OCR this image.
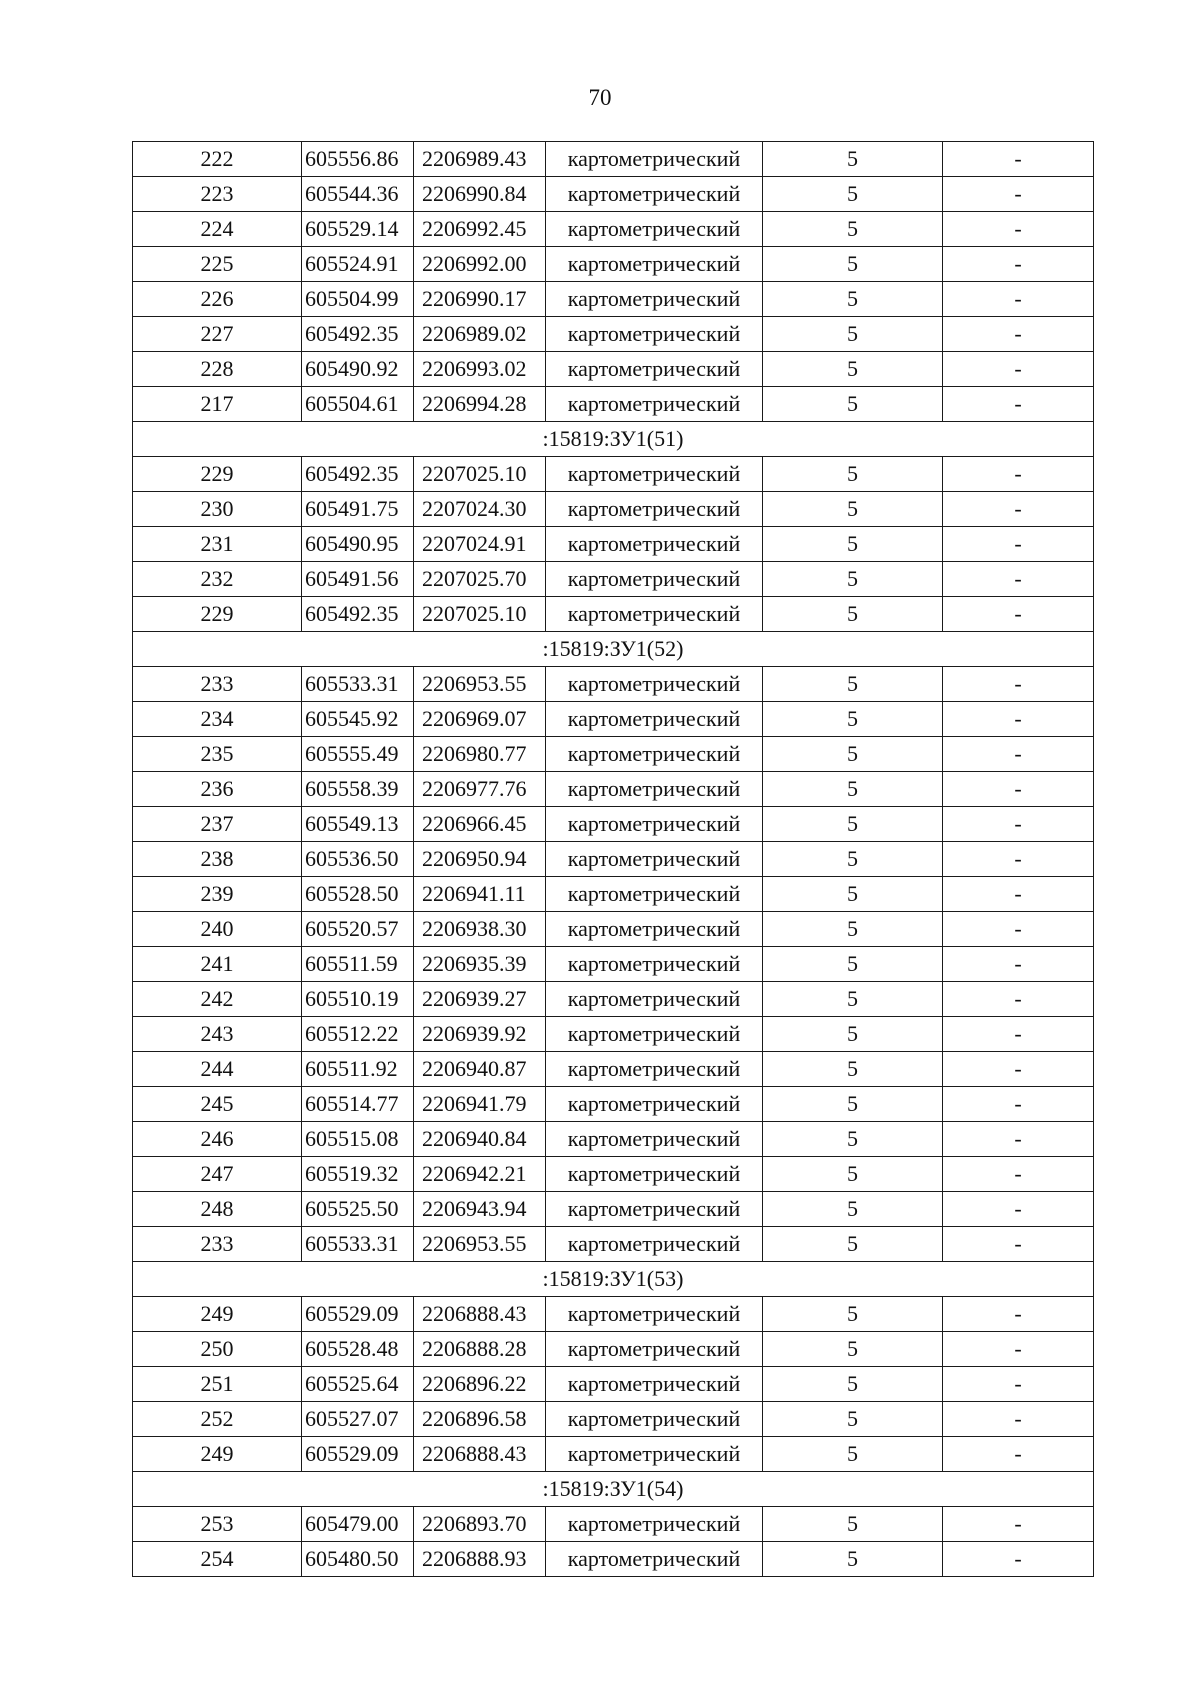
70
222	605556.86	2206989.43	картометрический	5	-
223	605544.36	2206990.84	картометрический	5	-
224	605529.14	2206992.45	картометрический	5	-
225	605524.91	2206992.00	картометрический	5	-
226	605504.99	2206990.17	картометрический	5	-
227	605492.35	2206989.02	картометрический	5	-
228	605490.92	2206993.02	картометрический	5	-
217	605504.61	2206994.28	картометрический	5	-
:15819:ЗУ1(51)					
229	605492.35	2207025.10	картометрический	5	-
230	605491.75	2207024.30	картометрический	5	-
231	605490.95	2207024.91	картометрический	5	-
232	605491.56	2207025.70	картометрический	5	-
229	605492.35	2207025.10	картометрический	5	-
:15819:ЗУ1(52)					
233	605533.31	2206953.55	картометрический	5	-
234	605545.92	2206969.07	картометрический	5	-
235	605555.49	2206980.77	картометрический	5	-
236	605558.39	2206977.76	картометрический	5	-
237	605549.13	2206966.45	картометрический	5	-
238	605536.50	2206950.94	картометрический	5	-
239	605528.50	2206941.11	картометрический	5	-
240	605520.57	2206938.30	картометрический	5	-
241	605511.59	2206935.39	картометрический	5	-
242	605510.19	2206939.27	картометрический	5	-
243	605512.22	2206939.92	картометрический	5	-
244	605511.92	2206940.87	картометрический	5	-
245	605514.77	2206941.79	картометрический	5	-
246	605515.08	2206940.84	картометрический	5	-
247	605519.32	2206942.21	картометрический	5	-
248	605525.50	2206943.94	картометрический	5	-
233	605533.31	2206953.55	картометрический	5	-
:15819:ЗУ1(53)					
249	605529.09	2206888.43	картометрический	5	-
250	605528.48	2206888.28	картометрический	5	-
251	605525.64	2206896.22	картометрический	5	-
252	605527.07	2206896.58	картометрический	5	-
249	605529.09	2206888.43	картометрический	5	-
:15819:ЗУ1(54)					
253	605479.00	2206893.70	картометрический	5	-
254	605480.50	2206888.93	картометрический	5	-
